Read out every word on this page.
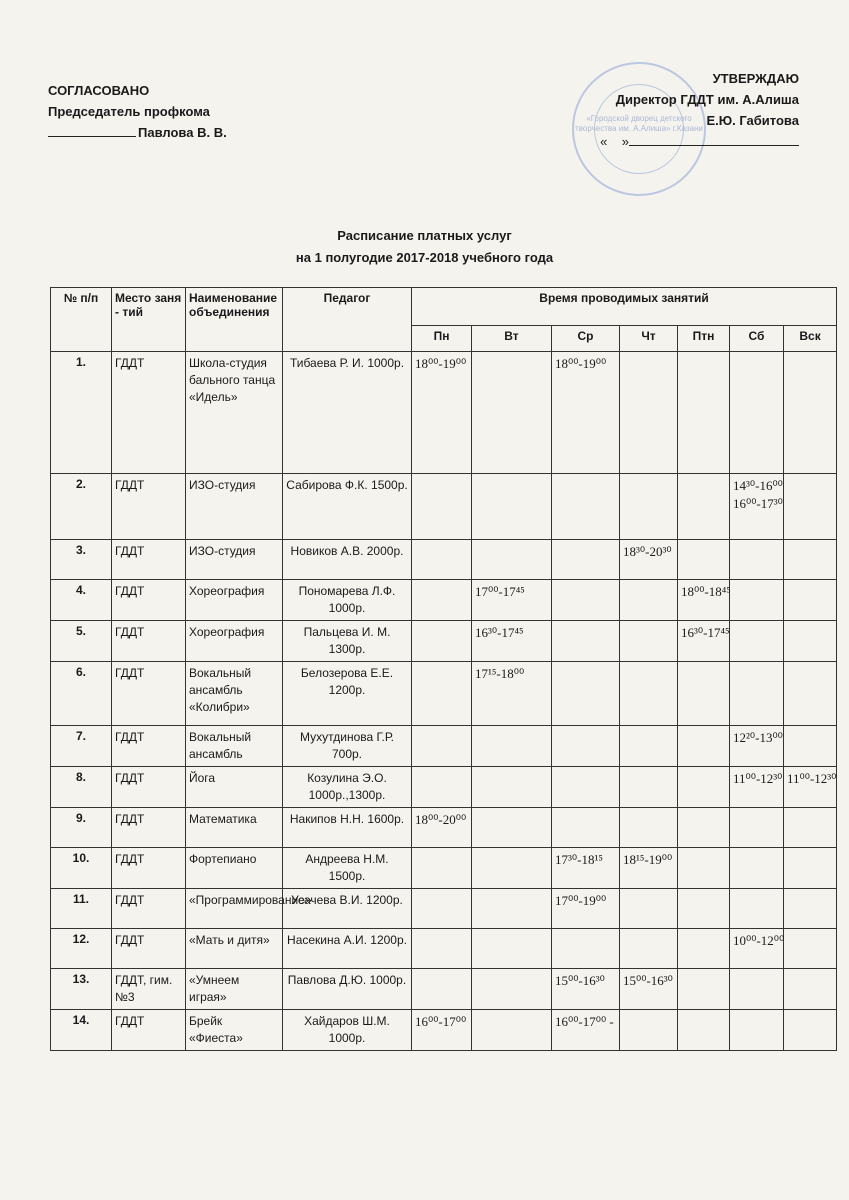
СОГЛАСОВАНО
Председатель профкома
Павлова В. В.
«Городской дворец детского творчества им. А.Алиша» г.Казани
УТВЕРЖДАЮ
Директор ГДДТ им. А.Алиша
Е.Ю. Габитова
« »
Расписание платных услуг
на 1 полугодие 2017-2018 учебного года
№ п/п	Место заня - тий	Наименование объединения	Педагог	Время проводимых занятий						
				Пн	Вт	Ср	Чт	Птн	Сб	Вск
1.	ГДДТ	Школа-студия бального танца «Идель»	Тибаева Р. И. 1000р.	18⁰⁰-19⁰⁰		18⁰⁰-19⁰⁰				
2.	ГДДТ	ИЗО-студия	Сабирова Ф.К. 1500р.						14³⁰-16⁰⁰ 16⁰⁰-17³⁰	
3.	ГДДТ	ИЗО-студия	Новиков А.В. 2000р.				18³⁰-20³⁰			
4.	ГДДТ	Хореография	Пономарева Л.Ф. 1000р.		17⁰⁰-17⁴⁵			18⁰⁰-18⁴⁵		
5.	ГДДТ	Хореография	Пальцева И. М. 1300р.		16³⁰-17⁴⁵			16³⁰-17⁴⁵		
6.	ГДДТ	Вокальный ансамбль «Колибри»	Белозерова Е.Е. 1200р.		17¹⁵-18⁰⁰					
7.	ГДДТ	Вокальный ансамбль	Мухутдинова Г.Р. 700р.						12²⁰-13⁰⁰	
8.	ГДДТ	Йога	Козулина Э.О. 1000р.,1300р.						11⁰⁰-12³⁰	11⁰⁰-12³⁰
9.	ГДДТ	Математика	Накипов Н.Н. 1600р.	18⁰⁰-20⁰⁰						
10.	ГДДТ	Фортепиано	Андреева Н.М. 1500р.			17³⁰-18¹⁵	18¹⁵-19⁰⁰			
11.	ГДДТ	«Программирование»	Усачева В.И. 1200р.			17⁰⁰-19⁰⁰				
12.	ГДДТ	«Мать и дитя»	Насекина А.И. 1200р.						10⁰⁰-12⁰⁰	
13.	ГДДТ, гим. №3	«Умнеем играя»	Павлова Д.Ю. 1000р.			15⁰⁰-16³⁰	15⁰⁰-16³⁰			
14.	ГДДТ	Брейк «Фиеста»	Хайдаров Ш.М. 1000р.	16⁰⁰-17⁰⁰		16⁰⁰-17⁰⁰ -				
